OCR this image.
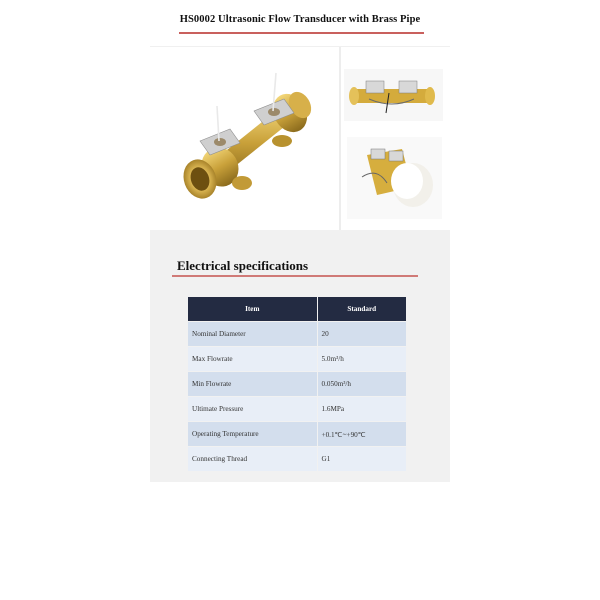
HS0002 Ultrasonic Flow Transducer with Brass Pipe
Electrical specifications
Item	Standard
Nominal Diameter	20
Max Flowrate	5.0m³/h
Min Flowrate	0.050m³/h
Ultimate Pressure	1.6MPa
Operating Temperature	+0.1℃~+90℃
Connecting Thread	G1
